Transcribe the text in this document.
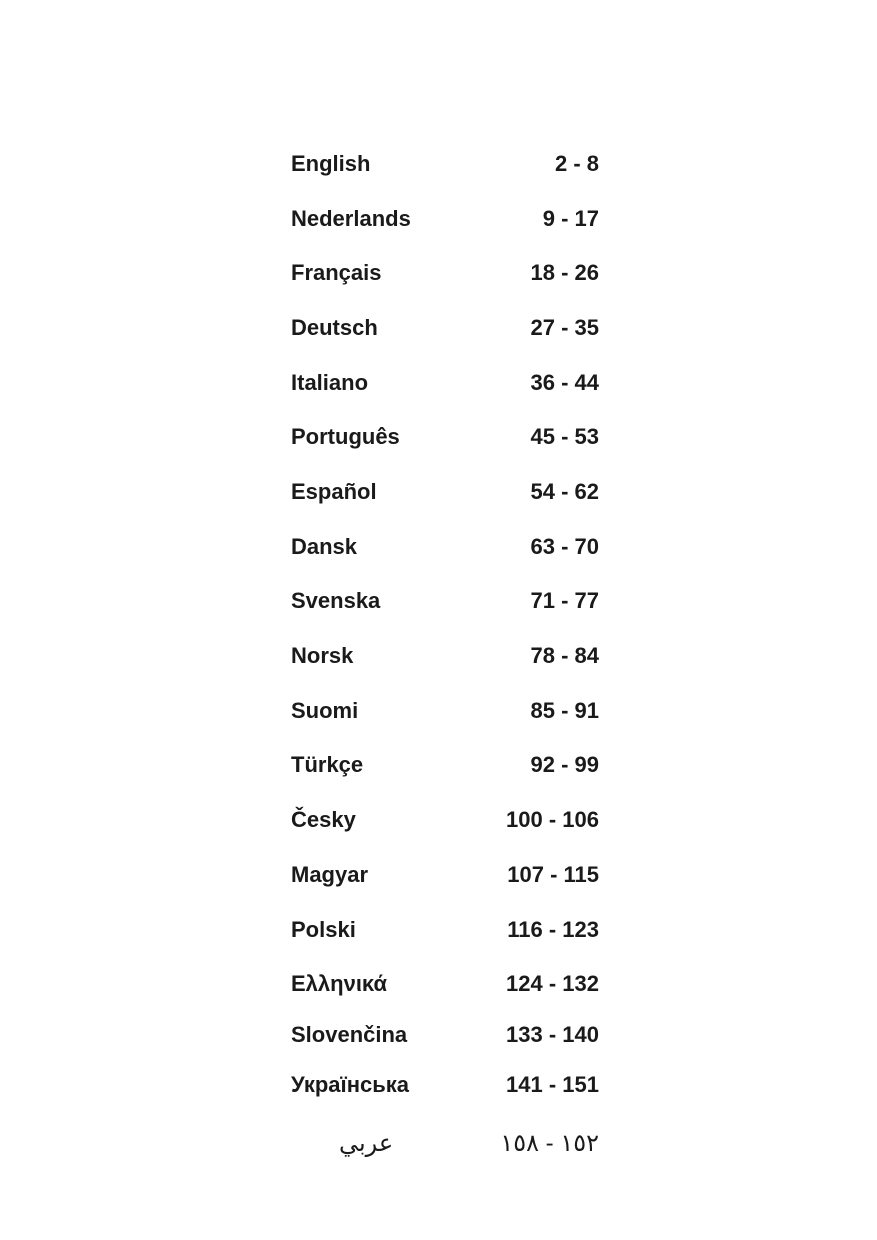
English	2 - 8
Nederlands	9 - 17
Français	18 - 26
Deutsch	27 - 35
Italiano	36 - 44
Português	45 - 53
Español	54 - 62
Dansk	63 - 70
Svenska	71 - 77
Norsk	78 - 84
Suomi	85 - 91
Türkçe	92 - 99
Česky	100 - 106
Magyar	107 - 115
Polski	116 - 123
Ελληνικά	124 - 132
Slovenčina	133 - 140
Українська	141 - 151
عربي	١٥٢ - ١٥٨
